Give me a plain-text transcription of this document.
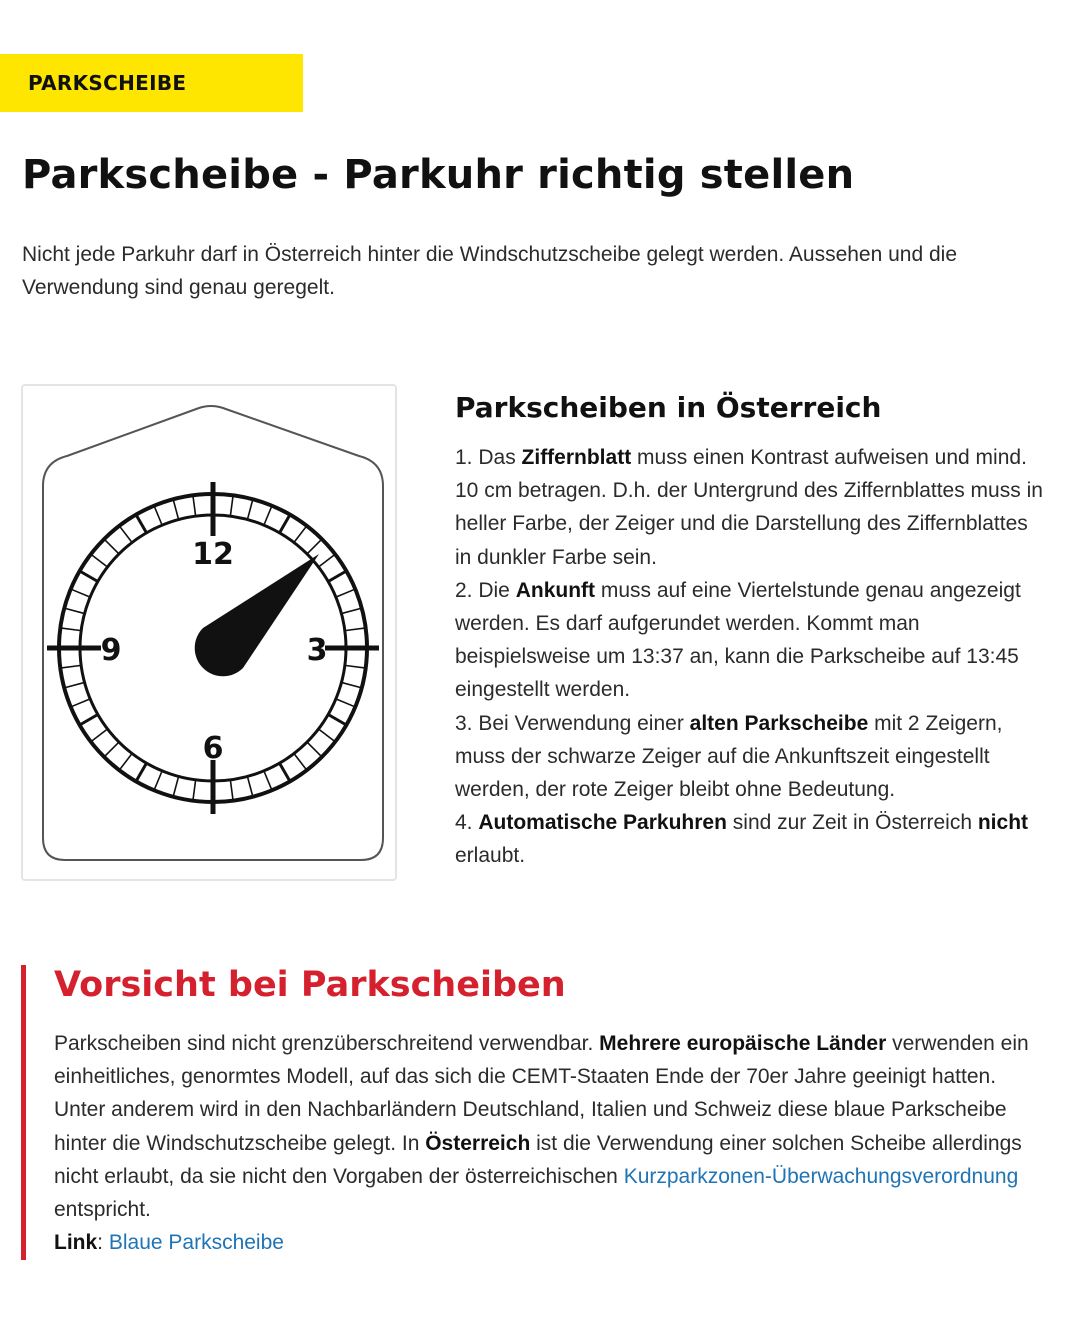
PARKSCHEIBE
Parkscheibe - Parkuhr richtig stellen

Nicht jede Parkuhr darf in Österreich hinter die Windschutzscheibe gelegt werden. Aussehen und die Verwendung sind genau geregelt.

12
3
6
9
Parkscheiben in Österreich

1. Das Ziffernblatt muss einen Kontrast aufweisen und mind. 10 cm betragen. D.h. der Untergrund des Ziffernblattes muss in heller Farbe, der Zeiger und die Darstellung des Ziffernblattes in dunkler Farbe sein.

2. Die Ankunft muss auf eine Viertelstunde genau angezeigt werden. Es darf aufgerundet werden. Kommt man beispielsweise um 13:37 an, kann die Parkscheibe auf 13:45 eingestellt werden.

3. Bei Verwendung einer alten Parkscheibe mit 2 Zeigern, muss der schwarze Zeiger auf die Ankunftszeit eingestellt werden, der rote Zeiger bleibt ohne Bedeutung.

4. Automatische Parkuhren sind zur Zeit in Österreich nicht erlaubt.

Vorsicht bei Parkscheiben

Parkscheiben sind nicht grenzüberschreitend verwendbar. Mehrere europäische Länder verwenden ein einheitliches, genormtes Modell, auf das sich die CEMT-Staaten Ende der 70er Jahre geeinigt hatten. Unter anderem wird in den Nachbarländern Deutschland, Italien und Schweiz diese blaue Parkscheibe hinter die Windschutzscheibe gelegt. In Österreich ist die Verwendung einer solchen Scheibe allerdings nicht erlaubt, da sie nicht den Vorgaben der österreichischen Kurzparkzonen-Überwachungsverordnung entspricht.
Link: Blaue Parkscheibe
